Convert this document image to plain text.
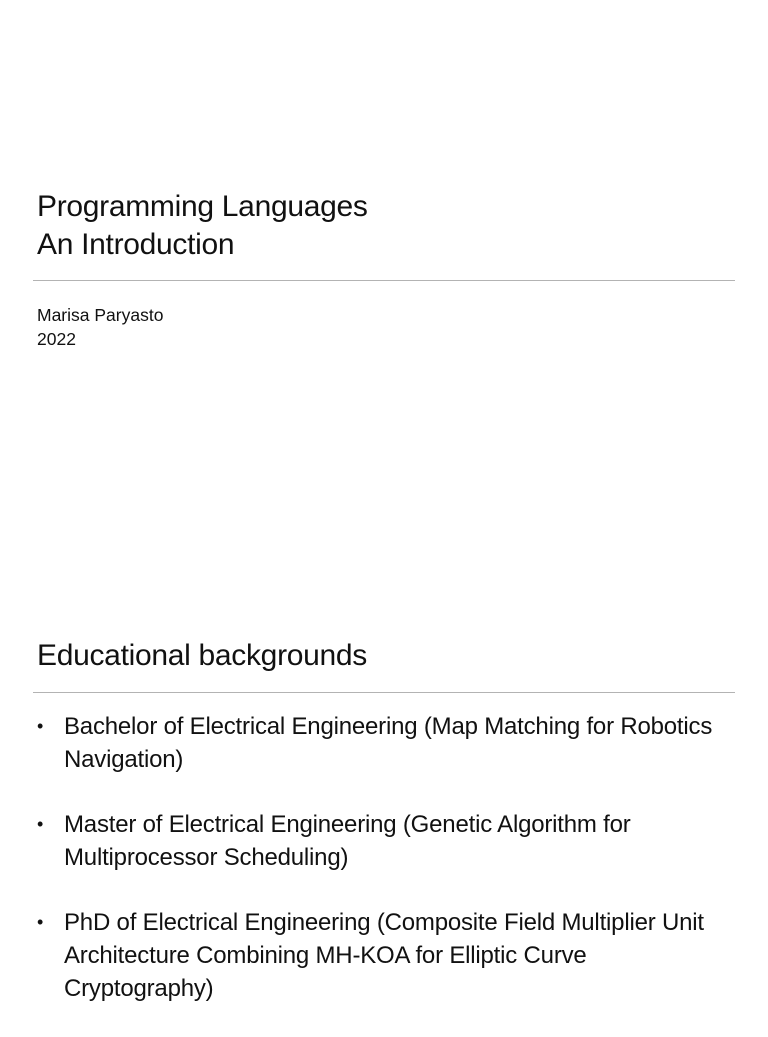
Programming Languages
An Introduction
Marisa Paryasto
2022
Educational backgrounds
• Bachelor of Electrical Engineering (Map Matching for Robotics Navigation)
• Master of Electrical Engineering (Genetic Algorithm for Multiprocessor Scheduling)
• PhD of Electrical Engineering (Composite Field Multiplier Unit Architecture Combining MH-KOA for Elliptic Curve Cryptography)
